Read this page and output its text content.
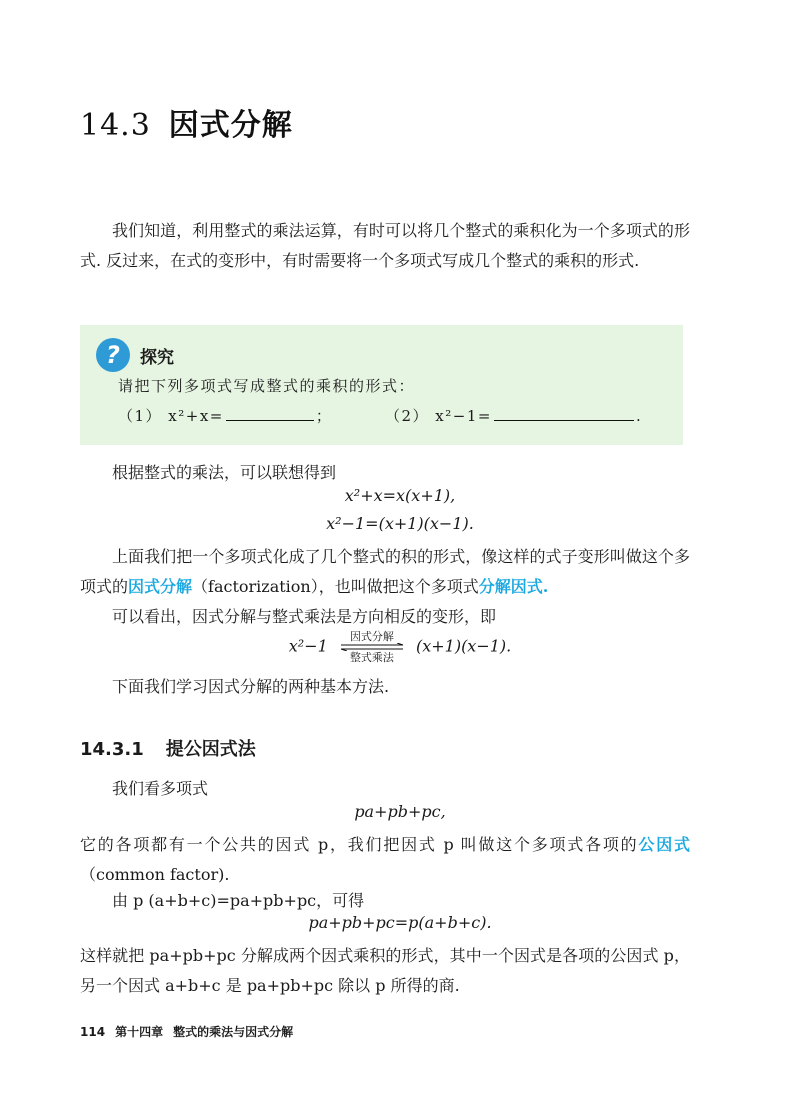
14.3 因式分解

我们知道，利用整式的乘法运算，有时可以将几个整式的乘积化为一个多项式的形式. 反过来，在式的变形中，有时需要将一个多项式写成几个整式的乘积的形式.

?	探究
请把下列多项式写成整式的乘积的形式：
（1） x²+x=	；	（2） x²−1=	.

根据整式的乘法，可以联想得到

x²+x=x(x+1),
x²−1=(x+1)(x−1).

上面我们把一个多项式化成了几个整式的积的形式，像这样的式子变形叫做这个多项式的因式分解（factorization），也叫做把这个多项式分解因式.

可以看出，因式分解与整式乘法是方向相反的变形，即

x²−1	因式分解
整式乘法
(x+1)(x−1).

下面我们学习因式分解的两种基本方法.

14.3.1 提公因式法

我们看多项式

pa+pb+pc,

它的各项都有一个公共的因式 p，我们把因式 p 叫做这个多项式各项的公因式（common factor).

由 p (a+b+c)=pa+pb+pc，可得

pa+pb+pc=p(a+b+c).

这样就把 pa+pb+pc 分解成两个因式乘积的形式，其中一个因式是各项的公因式 p，另一个因式 a+b+c 是 pa+pb+pc 除以 p 所得的商.

114 第十四章 整式的乘法与因式分解
